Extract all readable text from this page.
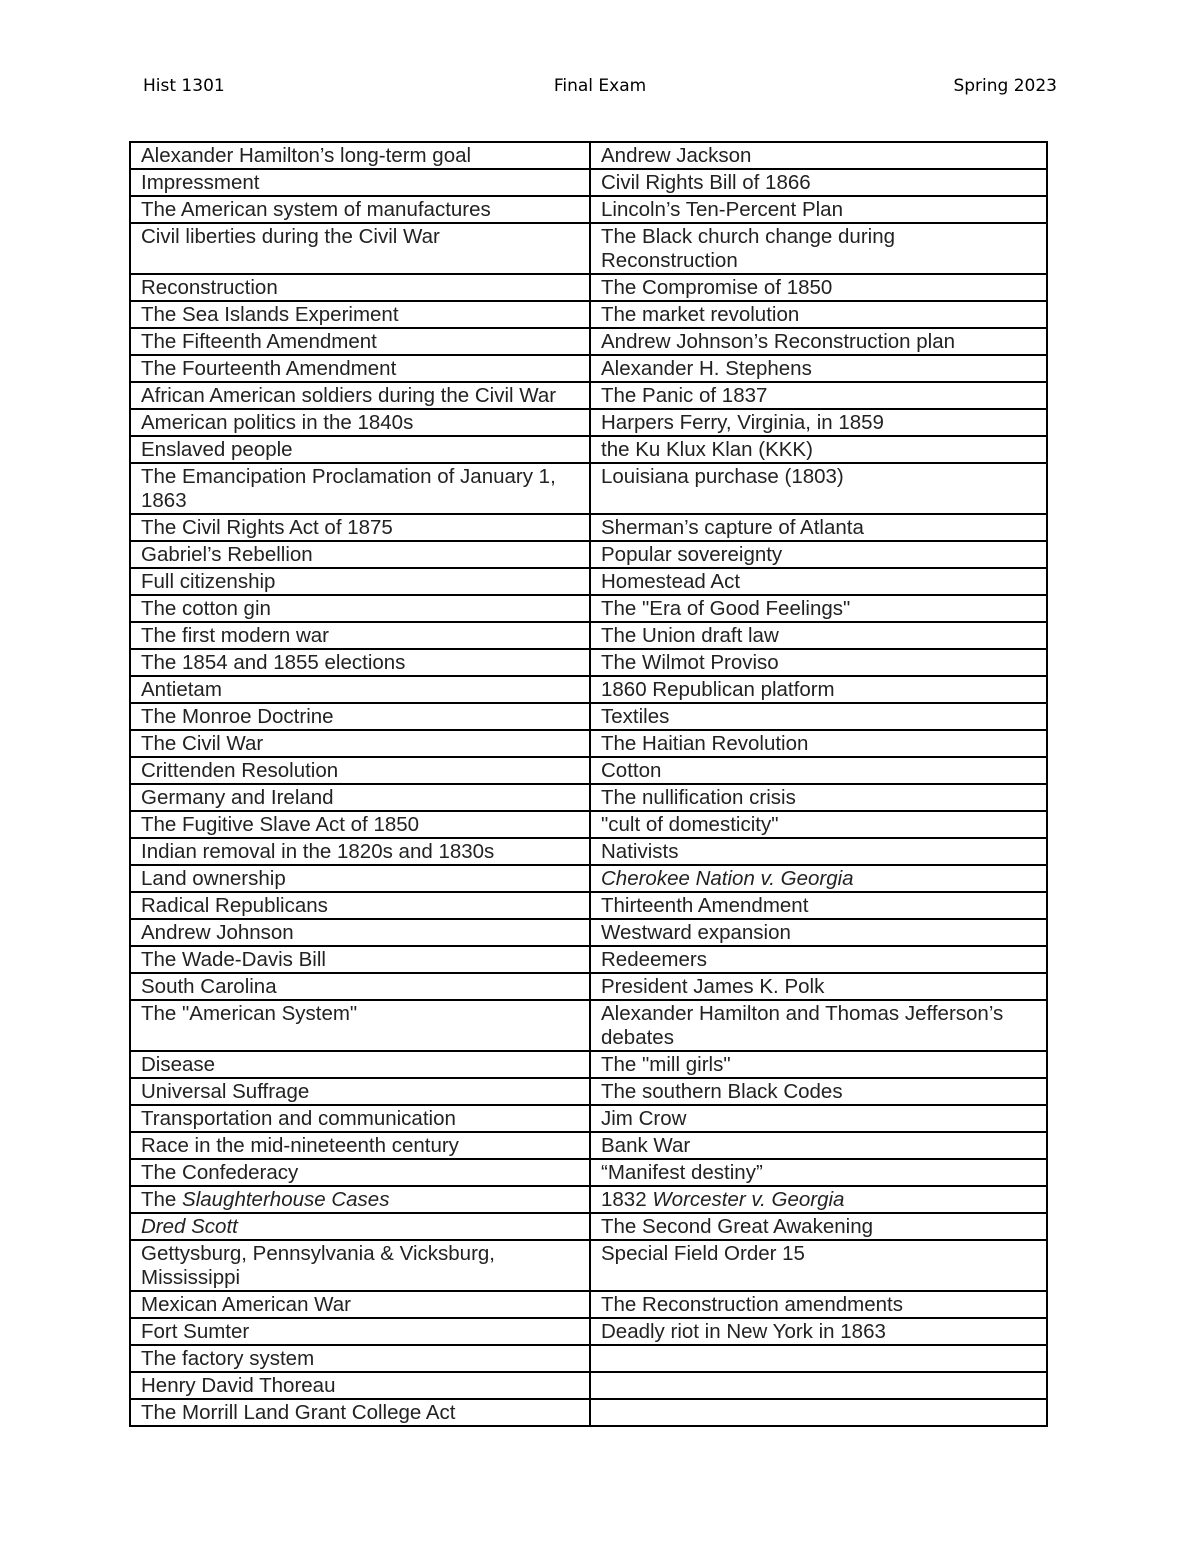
Hist 1301	Final Exam	Spring 2023
Alexander Hamilton’s long-term goal	Andrew Jackson
Impressment	Civil Rights Bill of 1866
The American system of manufactures	Lincoln’s Ten-Percent Plan
Civil liberties during the Civil War	The Black church change during Reconstruction
Reconstruction	The Compromise of 1850
The Sea Islands Experiment	The market revolution
The Fifteenth Amendment	Andrew Johnson’s Reconstruction plan
The Fourteenth Amendment	Alexander H. Stephens
African American soldiers during the Civil War	The Panic of 1837
American politics in the 1840s	Harpers Ferry, Virginia, in 1859
Enslaved people	the Ku Klux Klan (KKK)
The Emancipation Proclamation of January 1, 1863	Louisiana purchase (1803)
The Civil Rights Act of 1875	Sherman’s capture of Atlanta
Gabriel’s Rebellion	Popular sovereignty
Full citizenship	Homestead Act
The cotton gin	The "Era of Good Feelings"
The first modern war	The Union draft law
The 1854 and 1855 elections	The Wilmot Proviso
Antietam	1860 Republican platform
The Monroe Doctrine	Textiles
The Civil War	The Haitian Revolution
Crittenden Resolution	Cotton
Germany and Ireland	The nullification crisis
The Fugitive Slave Act of 1850	"cult of domesticity"
Indian removal in the 1820s and 1830s	Nativists
Land ownership	Cherokee Nation v. Georgia
Radical Republicans	Thirteenth Amendment
Andrew Johnson	Westward expansion
The Wade-Davis Bill	Redeemers
South Carolina	President James K. Polk
The "American System"	Alexander Hamilton and Thomas Jefferson’s debates
Disease	The "mill girls"
Universal Suffrage	The southern Black Codes
Transportation and communication	Jim Crow
Race in the mid-nineteenth century	Bank War
The Confederacy	“Manifest destiny”
The Slaughterhouse Cases	1832 Worcester v. Georgia
Dred Scott	The Second Great Awakening
Gettysburg, Pennsylvania & Vicksburg, Mississippi	Special Field Order 15
Mexican American War	The Reconstruction amendments
Fort Sumter	Deadly riot in New York in 1863
The factory system	
Henry David Thoreau	
The Morrill Land Grant College Act	
